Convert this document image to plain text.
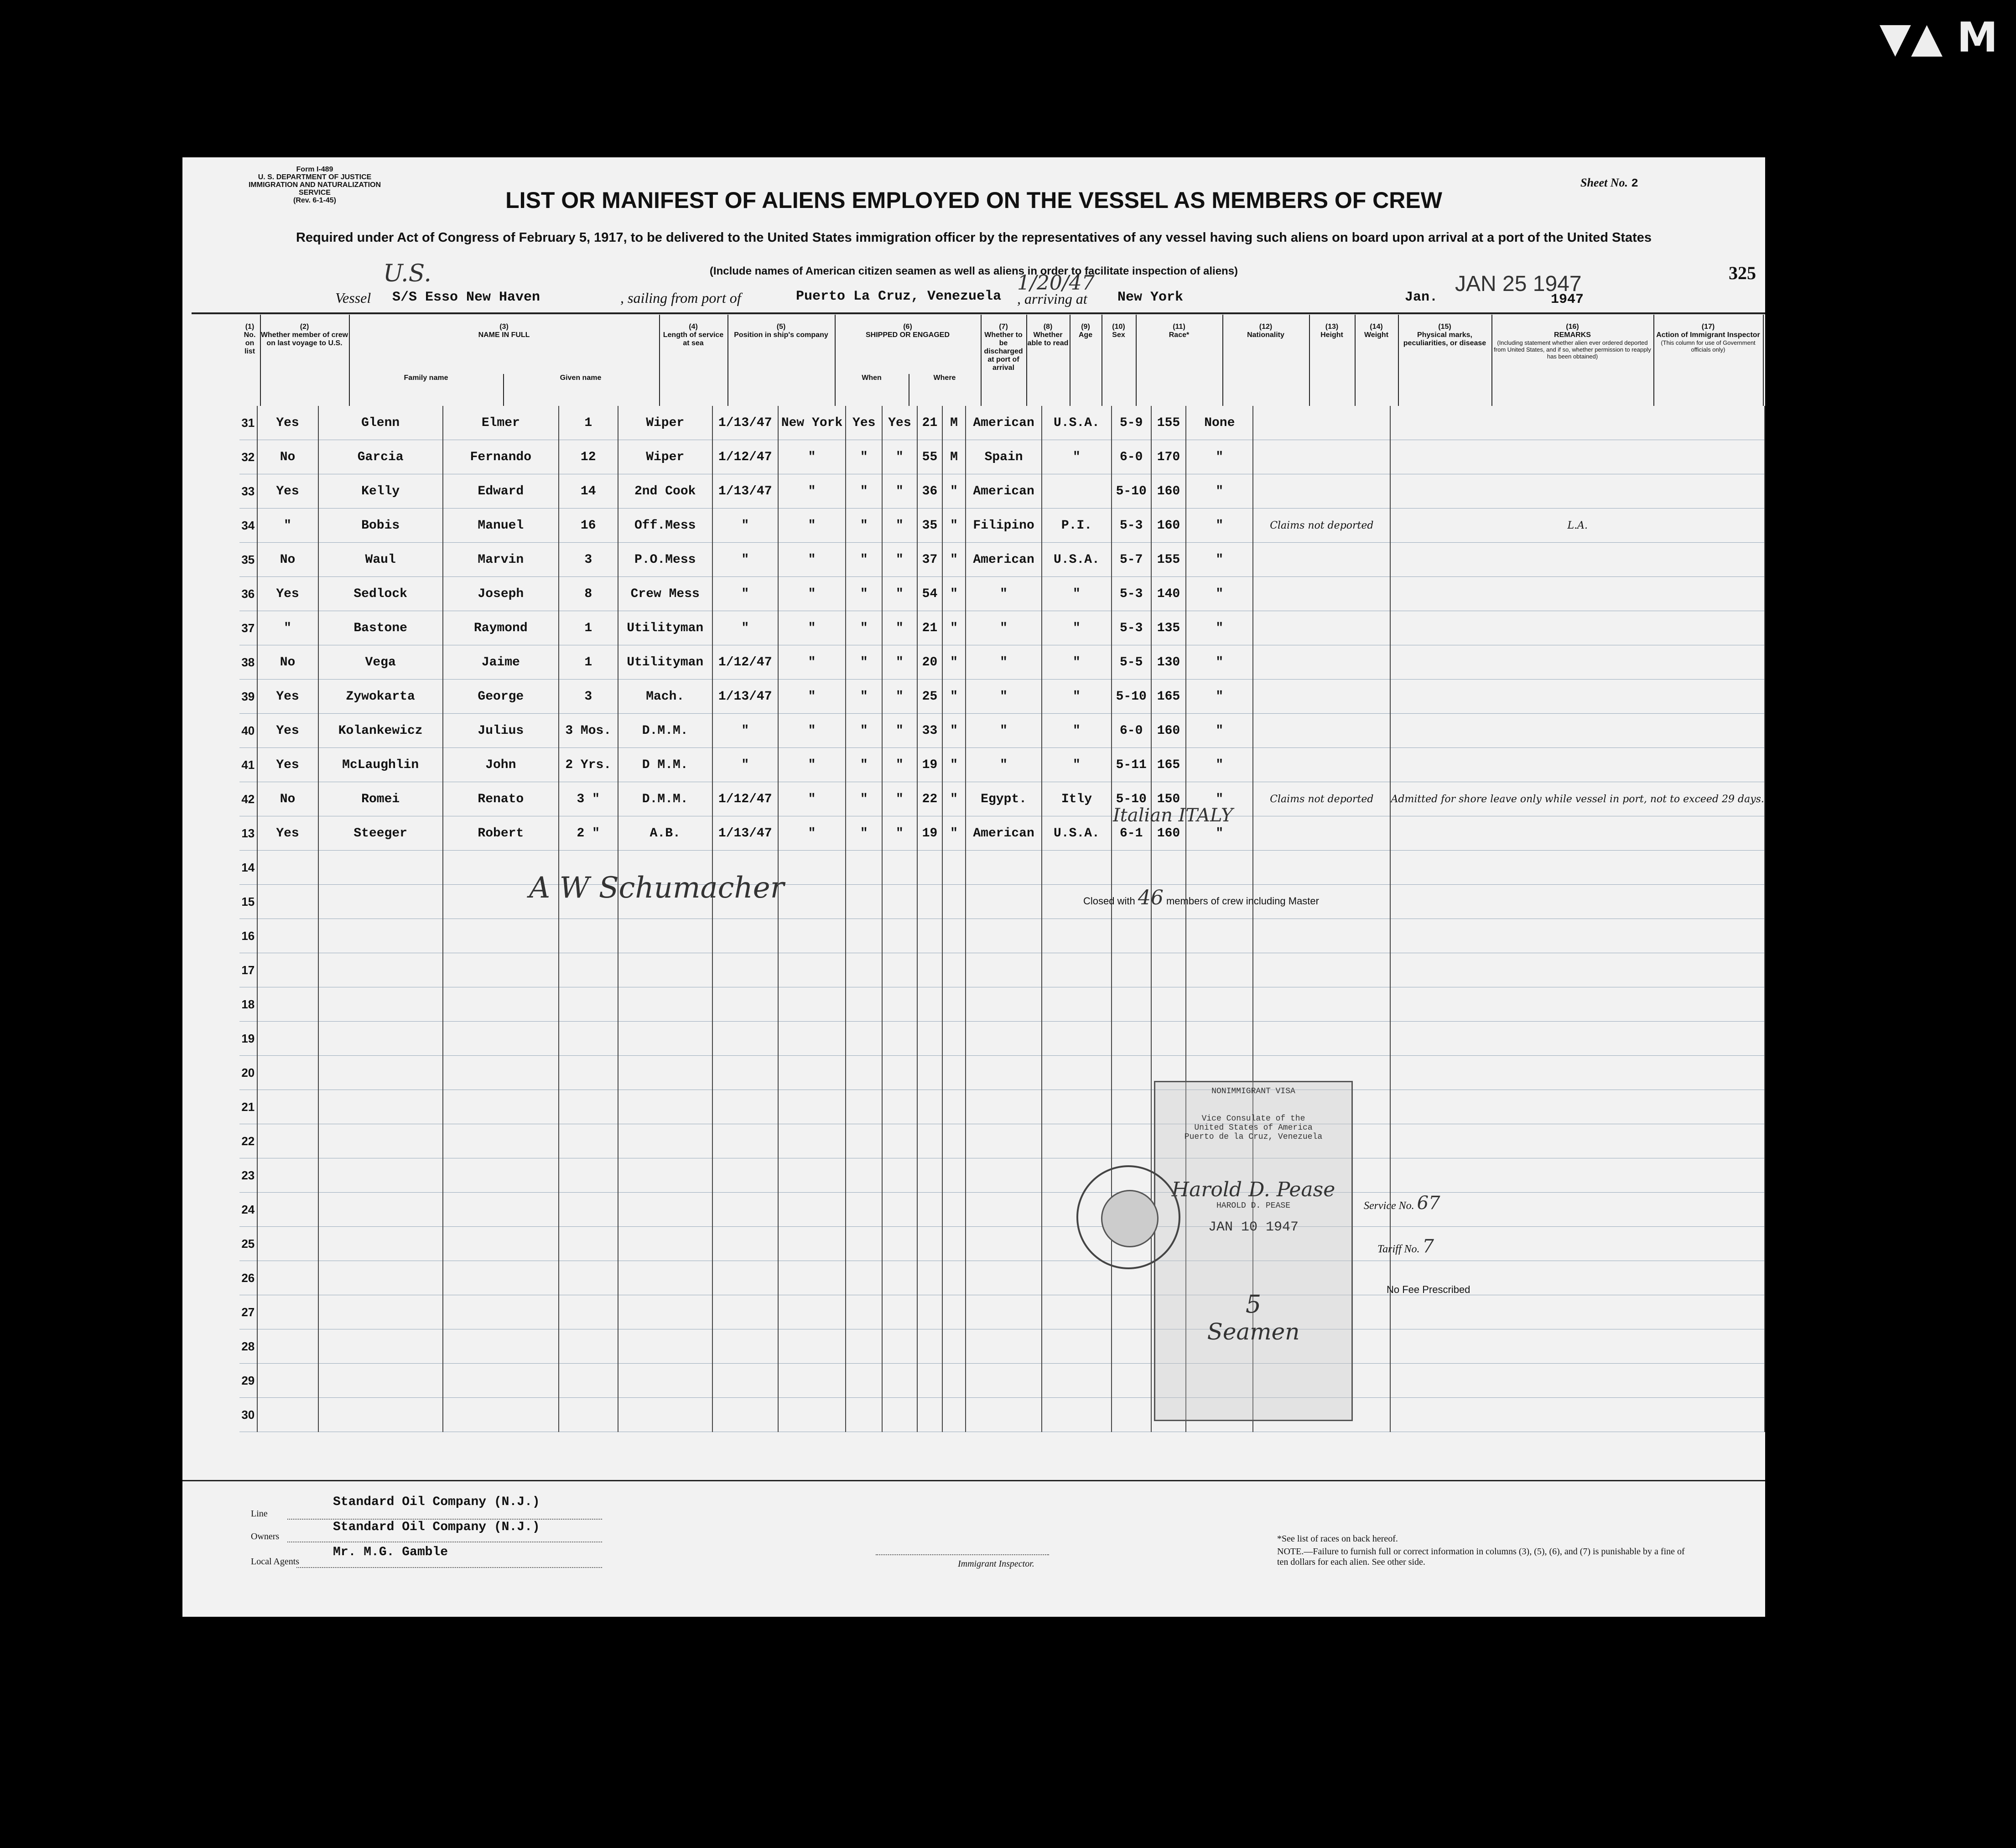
▼▲ M
Form I-489
U. S. DEPARTMENT OF JUSTICE
IMMIGRATION AND NATURALIZATION SERVICE
(Rev. 6-1-45)
Sheet No. 2
LIST OR MANIFEST OF ALIENS EMPLOYED ON THE VESSEL AS MEMBERS OF CREW
Required under Act of Congress of February 5, 1917, to be delivered to the United States immigration officer by the representatives of any vessel having such aliens on board upon arrival at a port of the United States
(Include names of American citizen seamen as well as aliens in order to facilitate inspection of aliens)	325
U.S.
Vessel S/S Esso New Haven	, sailing from port of	Puerto La Cruz, Venezuela
1/20/47
, arriving at New York	Jan.
JAN 25 1947
1947
(1)
No. on list
(2)
Whether member of crew on last voyage to U.S.
(3)
NAME IN FULL
Family name	Given name
(4)
Length of service at sea
(5)
Position in ship's company
(6)
SHIPPED OR ENGAGED
When	Where
(7)
Whether to be discharged at port of arrival
(8)
Whether able to read
(9)
Age
(10)
Sex
(11)
Race*
(12)
Nationality
(13)
Height
(14)
Weight
(15)
Physical marks, peculiarities, or disease
(16)
REMARKS
(Including statement whether alien ever ordered deported from United States, and if so, whether permission to reapply has been obtained)
(17)
Action of Immigrant Inspector
(This column for use of Government officials only)
31	Yes	Glenn	Elmer	1	Wiper	1/13/47	New York	Yes	Yes	21	M	American	U.S.A.	5-9	155	None		
32	No	Garcia	Fernando	12	Wiper	1/12/47	"	"	"	55	M	Spain	"	6-0	170	"		
33	Yes	Kelly	Edward	14	2nd Cook	1/13/47	"	"	"	36	"	American		5-10	160	"		
34	"	Bobis	Manuel	16	Off.Mess	"	"	"	"	35	"	Filipino	P.I.	5-3	160	"	Claims not deported	L.A.
35	No	Waul	Marvin	3	P.O.Mess	"	"	"	"	37	"	American	U.S.A.	5-7	155	"		
36	Yes	Sedlock	Joseph	8	Crew Mess	"	"	"	"	54	"	"	"	5-3	140	"		
37	"	Bastone	Raymond	1	Utilityman	"	"	"	"	21	"	"	"	5-3	135	"		
38	No	Vega	Jaime	1	Utilityman	1/12/47	"	"	"	20	"	"	"	5-5	130	"		
39	Yes	Zywokarta	George	3	Mach.	1/13/47	"	"	"	25	"	"	"	5-10	165	"		
40	Yes	Kolankewicz	Julius	3 Mos.	D.M.M.	"	"	"	"	33	"	"	"	6-0	160	"		
41	Yes	McLaughlin	John	2 Yrs.	D M.M.	"	"	"	"	19	"	"	"	5-11	165	"		
42	No	Romei	Renato	3 "	D.M.M.	1/12/47	"	"	"	22	"	Egypt.	Itly	5-10	150	"	Claims not deported	Admitted for shore leave only while vessel in port, not to exceed 29 days.
13	Yes	Steeger	Robert	2 "	A.B.	1/13/47	"	"	"	19	"	American	U.S.A.	6-1	160	"		
14																		
15																		
16																		
17																		
18																		
19																		
20																		
21																		
22																		
23																		
24																		
25																		
26																		
27																		
28																		
29																		
30																		
A W Schumacher	Closed with 46 members of crew including Master
Italian ITALY
NONIMMIGRANT VISA
Vice Consulate of the
United States of America
Puerto de la Cruz, Venezuela
Harold D. Pease
HAROLD D. PEASE
JAN 10 1947
5
Seamen
Service No. 67
Tariff No. 7
No Fee Prescribed
Line
Standard Oil Company (N.J.)
Owners
Standard Oil Company (N.J.)
Local Agents
Mr. M.G. Gamble
Immigrant Inspector.
*See list of races on back hereof.
NOTE.—Failure to furnish full or correct information in columns (3), (5), (6), and (7) is punishable by a fine of ten dollars for each alien. See other side.
